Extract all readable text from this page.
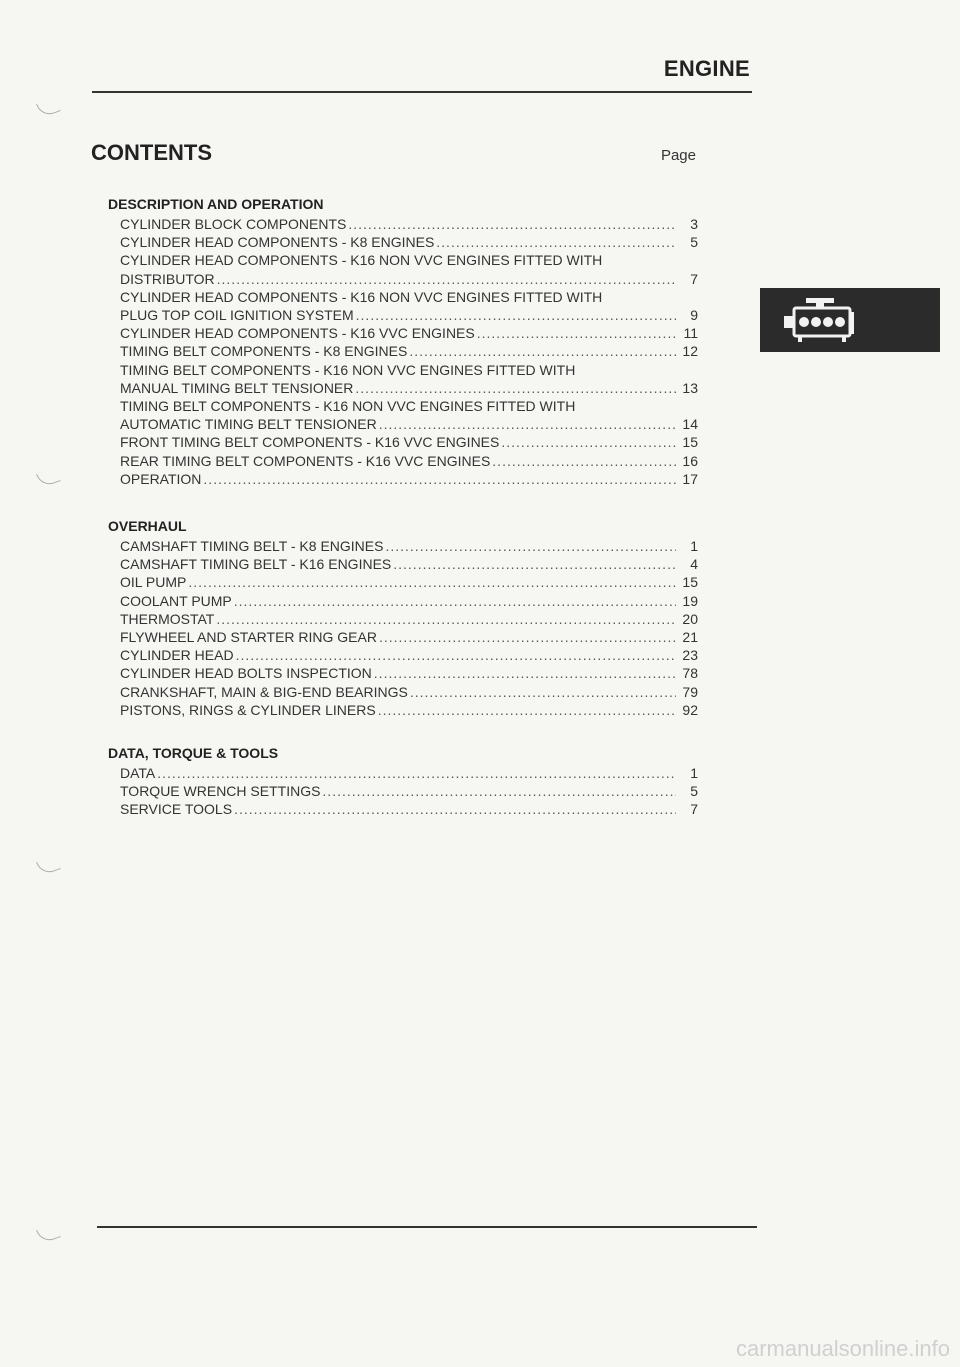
ENGINE
CONTENTS	Page
DESCRIPTION AND OPERATION
CYLINDER BLOCK COMPONENTS .....	3
CYLINDER HEAD COMPONENTS - K8 ENGINES .....	5
CYLINDER HEAD COMPONENTS - K16 NON VVC ENGINES FITTED WITH
DISTRIBUTOR .....	7
CYLINDER HEAD COMPONENTS - K16 NON VVC ENGINES FITTED WITH
PLUG TOP COIL IGNITION SYSTEM .....	9
CYLINDER HEAD COMPONENTS - K16 VVC ENGINES .....	11
TIMING BELT COMPONENTS - K8 ENGINES .....	12
TIMING BELT COMPONENTS - K16 NON VVC ENGINES FITTED WITH
MANUAL TIMING BELT TENSIONER .....	13
TIMING BELT COMPONENTS - K16 NON VVC ENGINES FITTED WITH
AUTOMATIC TIMING BELT TENSIONER .....	14
FRONT TIMING BELT COMPONENTS - K16 VVC ENGINES .....	15
REAR TIMING BELT COMPONENTS - K16 VVC ENGINES .....	16
OPERATION .....	17
OVERHAUL
CAMSHAFT TIMING BELT - K8 ENGINES .....	1
CAMSHAFT TIMING BELT - K16 ENGINES .....	4
OIL PUMP .....	15
COOLANT PUMP .....	19
THERMOSTAT .....	20
FLYWHEEL AND STARTER RING GEAR .....	21
CYLINDER HEAD .....	23
CYLINDER HEAD BOLTS INSPECTION .....	78
CRANKSHAFT, MAIN & BIG-END BEARINGS .....	79
PISTONS, RINGS & CYLINDER LINERS .....	92
DATA, TORQUE & TOOLS
DATA .....	1
TORQUE WRENCH SETTINGS .....	5
SERVICE TOOLS .....	7
carmanualsonline.info
